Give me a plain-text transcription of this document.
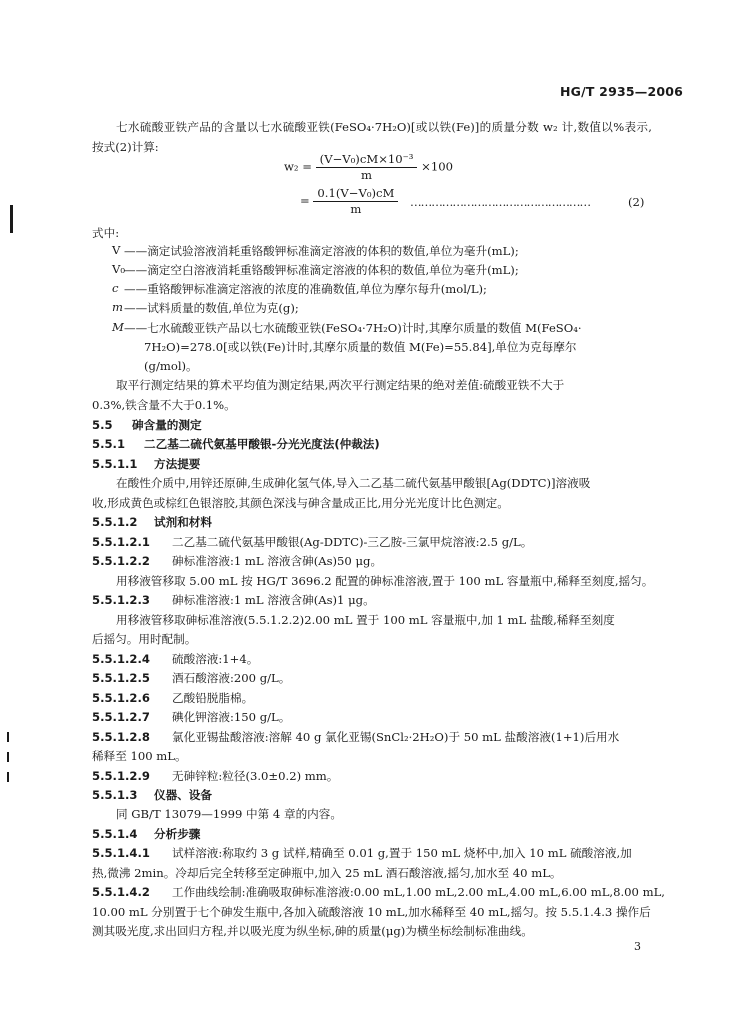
HG/T 2935—2006
七水硫酸亚铁产品的含量以七水硫酸亚铁(FeSO₄·7H₂O)[或以铁(Fe)]的质量分数 w₂ 计,数值以%表示,按式(2)计算:
$w_2 = \frac{\text{(V−V₀)cM×10⁻³}}{m} \times 100$
= $\frac{\text{0.1(V−V₀)cM}}{m}$ ……………………………………………	(2)
式中:
V ——滴定试验溶液消耗重铬酸钾标准滴定溶液的体积的数值,单位为毫升(mL);
V₀
——滴定空白溶液消耗重铬酸钾标准滴定溶液的体积的数值,单位为毫升(mL);
c ——重铬酸钾标准滴定溶液的浓度的准确数值,单位为摩尔每升(mol/L);
m ——试料质量的数值,单位为克(g);
M ——七水硫酸亚铁产品以七水硫酸亚铁(FeSO₄·7H₂O)计时,其摩尔质量的数值 M(FeSO₄·
7H₂O)=278.0[或以铁(Fe)计时,其摩尔质量的数值 M(Fe)=55.84],单位为克每摩尔
(g/mol)。
取平行测定结果的算术平均值为测定结果,两次平行测定结果的绝对差值:硫酸亚铁不大于
0.3%,铁含量不大于0.1%。
5.5 砷含量的测定
5.5.1 二乙基二硫代氨基甲酸银-分光光度法(仲裁法)
5.5.1.1 方法提要
在酸性介质中,用锌还原砷,生成砷化氢气体,导入二乙基二硫代氨基甲酸银[Ag(DDTC)]溶液吸
收,形成黄色或棕红色银溶胶,其颜色深浅与砷含量成正比,用分光光度计比色测定。
5.5.1.2 试剂和材料
5.5.1.2.1 二乙基二硫代氨基甲酸银(Ag-DDTC)-三乙胺-三氯甲烷溶液:2.5 g/L。
5.5.1.2.2 砷标准溶液:1 mL 溶液含砷(As)50 μg。
用移液管移取 5.00 mL 按 HG/T 3696.2 配置的砷标准溶液,置于 100 mL 容量瓶中,稀释至刻度,摇匀。
5.5.1.2.3 砷标准溶液:1 mL 溶液含砷(As)1 μg。
用移液管移取砷标准溶液(5.5.1.2.2)2.00 mL 置于 100 mL 容量瓶中,加 1 mL 盐酸,稀释至刻度
后摇匀。用时配制。
5.5.1.2.4 硫酸溶液:1+4。
5.5.1.2.5 酒石酸溶液:200 g/L。
5.5.1.2.6 乙酸铅脱脂棉。
5.5.1.2.7 碘化钾溶液:150 g/L。
5.5.1.2.8 氯化亚锡盐酸溶液:溶解 40 g 氯化亚锡(SnCl₂·2H₂O)于 50 mL 盐酸溶液(1+1)后用水
稀释至 100 mL。
5.5.1.2.9 无砷锌粒:粒径(3.0±0.2) mm。
5.5.1.3 仪器、设备
同 GB/T 13079—1999 中第 4 章的内容。
5.5.1.4 分析步骤
5.5.1.4.1 试样溶液:称取约 3 g 试样,精确至 0.01 g,置于 150 mL 烧杯中,加入 10 mL 硫酸溶液,加
热,微沸 2min。冷却后完全转移至定砷瓶中,加入 25 mL 酒石酸溶液,摇匀,加水至 40 mL。
5.5.1.4.2 工作曲线绘制:准确吸取砷标准溶液:0.00 mL,1.00 mL,2.00 mL,4.00 mL,6.00 mL,8.00 mL,
10.00 mL 分别置于七个砷发生瓶中,各加入硫酸溶液 10 mL,加水稀释至 40 mL,摇匀。按 5.5.1.4.3 操作后
测其吸光度,求出回归方程,并以吸光度为纵坐标,砷的质量(μg)为横坐标绘制标准曲线。
3
